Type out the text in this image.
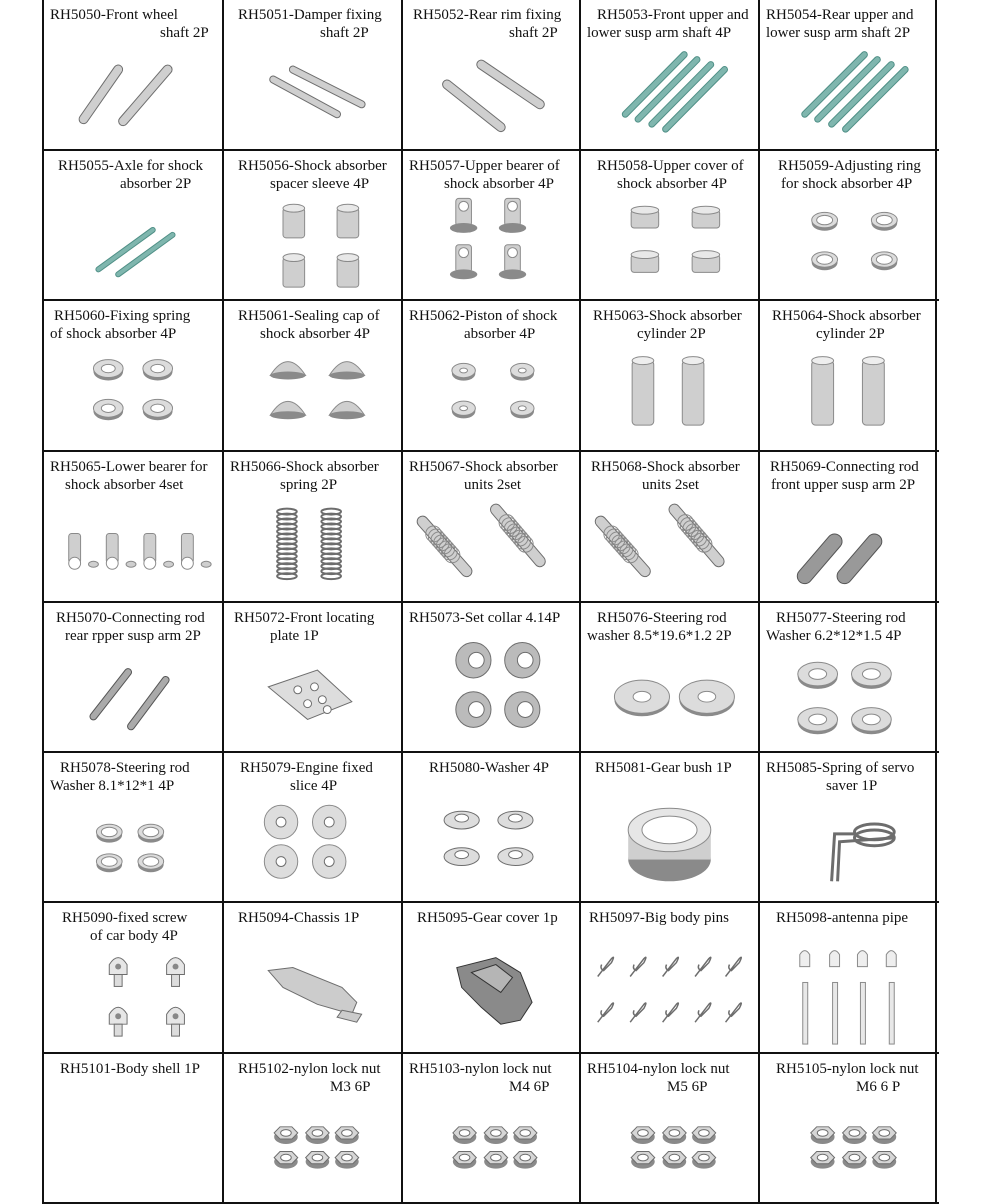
RH5050-Front wheel
shaft 2P
RH5051-Damper fixing
shaft 2P
RH5052-Rear rim fixing
shaft 2P
RH5053-Front upper and
lower susp arm shaft 4P
RH5054-Rear upper and
lower susp arm shaft 2P
RH5055-Axle for shock
absorber 2P
RH5056-Shock absorber
spacer sleeve 4P
RH5057-Upper bearer of
shock absorber 4P
RH5058-Upper cover of
shock absorber 4P
RH5059-Adjusting ring
for shock absorber 4P
RH5060-Fixing spring
of shock absorber 4P
RH5061-Sealing cap of
shock absorber 4P
RH5062-Piston of shock
absorber 4P
RH5063-Shock absorber
cylinder 2P
RH5064-Shock absorber
cylinder 2P
RH5065-Lower bearer for
shock absorber 4set
RH5066-Shock absorber
spring 2P
RH5067-Shock absorber
units 2set
RH5068-Shock absorber
units 2set
RH5069-Connecting rod
front upper susp arm 2P
RH5070-Connecting rod
rear rpper susp arm 2P
RH5072-Front locating
plate 1P
RH5073-Set collar 4.14P	RH5076-Steering rod
washer 8.5*19.6*1.2 2P
RH5077-Steering rod
Washer 6.2*12*1.5 4P
RH5078-Steering rod
Washer 8.1*12*1 4P
RH5079-Engine fixed
slice 4P
RH5080-Washer 4P	RH5081-Gear bush 1P	RH5085-Spring of servo
saver 1P
RH5090-fixed screw
of car body 4P
RH5094-Chassis 1P	RH5095-Gear cover 1p	RH5097-Big body pins	RH5098-antenna pipe
RH5101-Body shell 1P	RH5102-nylon lock nut
M3 6P
RH5103-nylon lock nut
M4 6P
RH5104-nylon lock nut
M5 6P
RH5105-nylon lock nut
M6 6 P
